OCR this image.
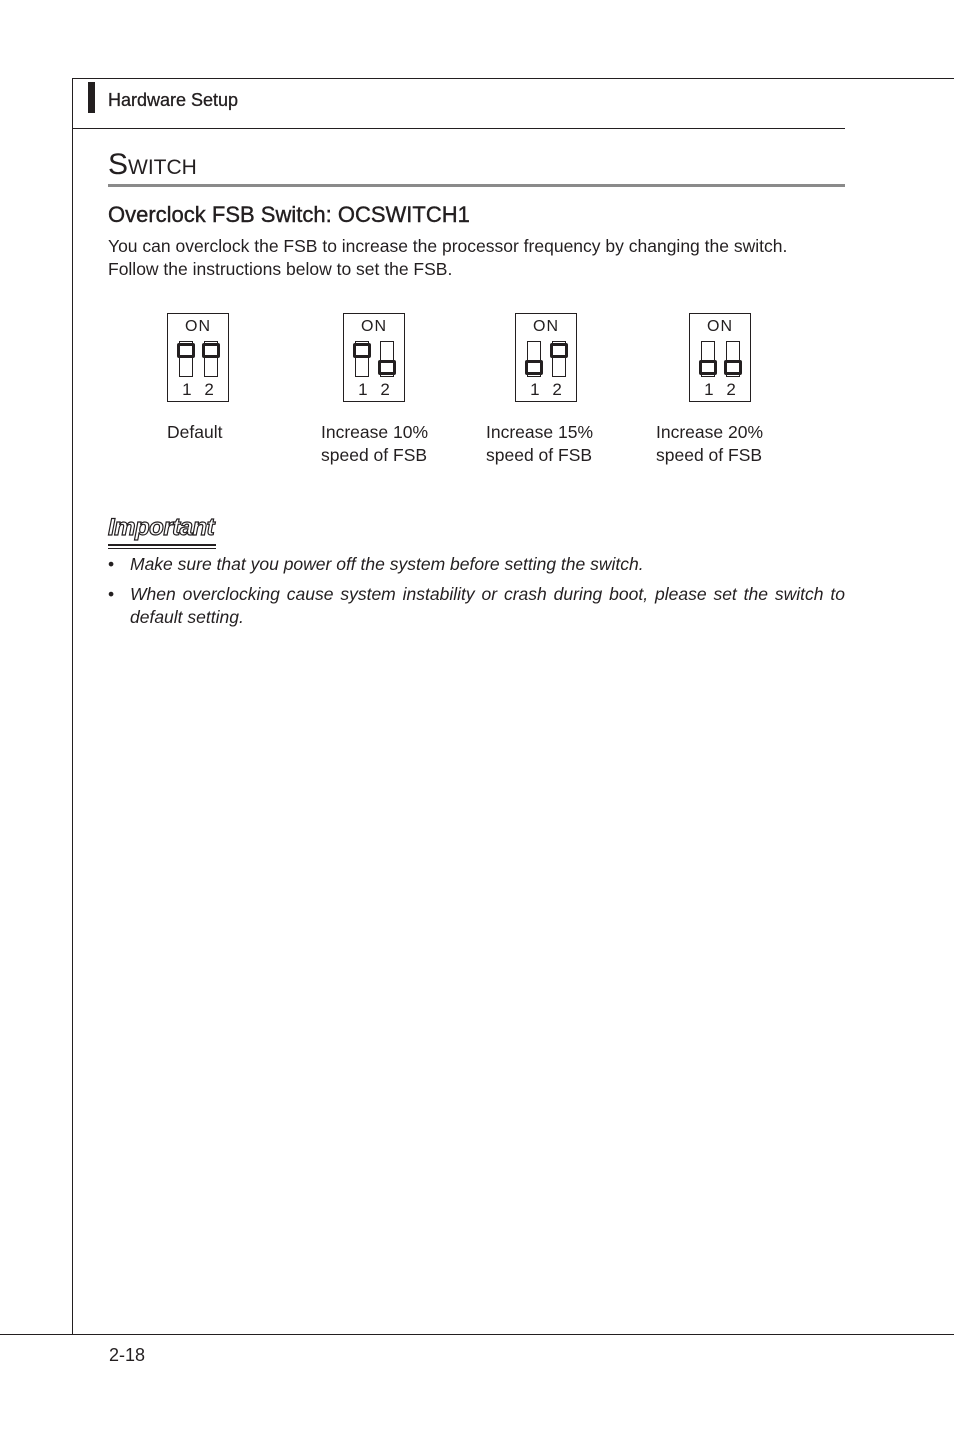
Hardware Setup
SWITCH
Overclock FSB Switch: OCSWITCH1
You can overclock the FSB to increase the processor frequency by changing the switch.
Follow the instructions below to set the FSB.
ON
1 2
ON
1 2
ON
1 2
ON
1 2
Default	Increase 10%
speed of FSB
Increase 15%
speed of FSB
Increase 20%
speed of FSB
Important
• Make sure that you power off the system before setting the switch.
• When overclocking cause system instability or crash during boot, please set the switch to default setting.
2-18
